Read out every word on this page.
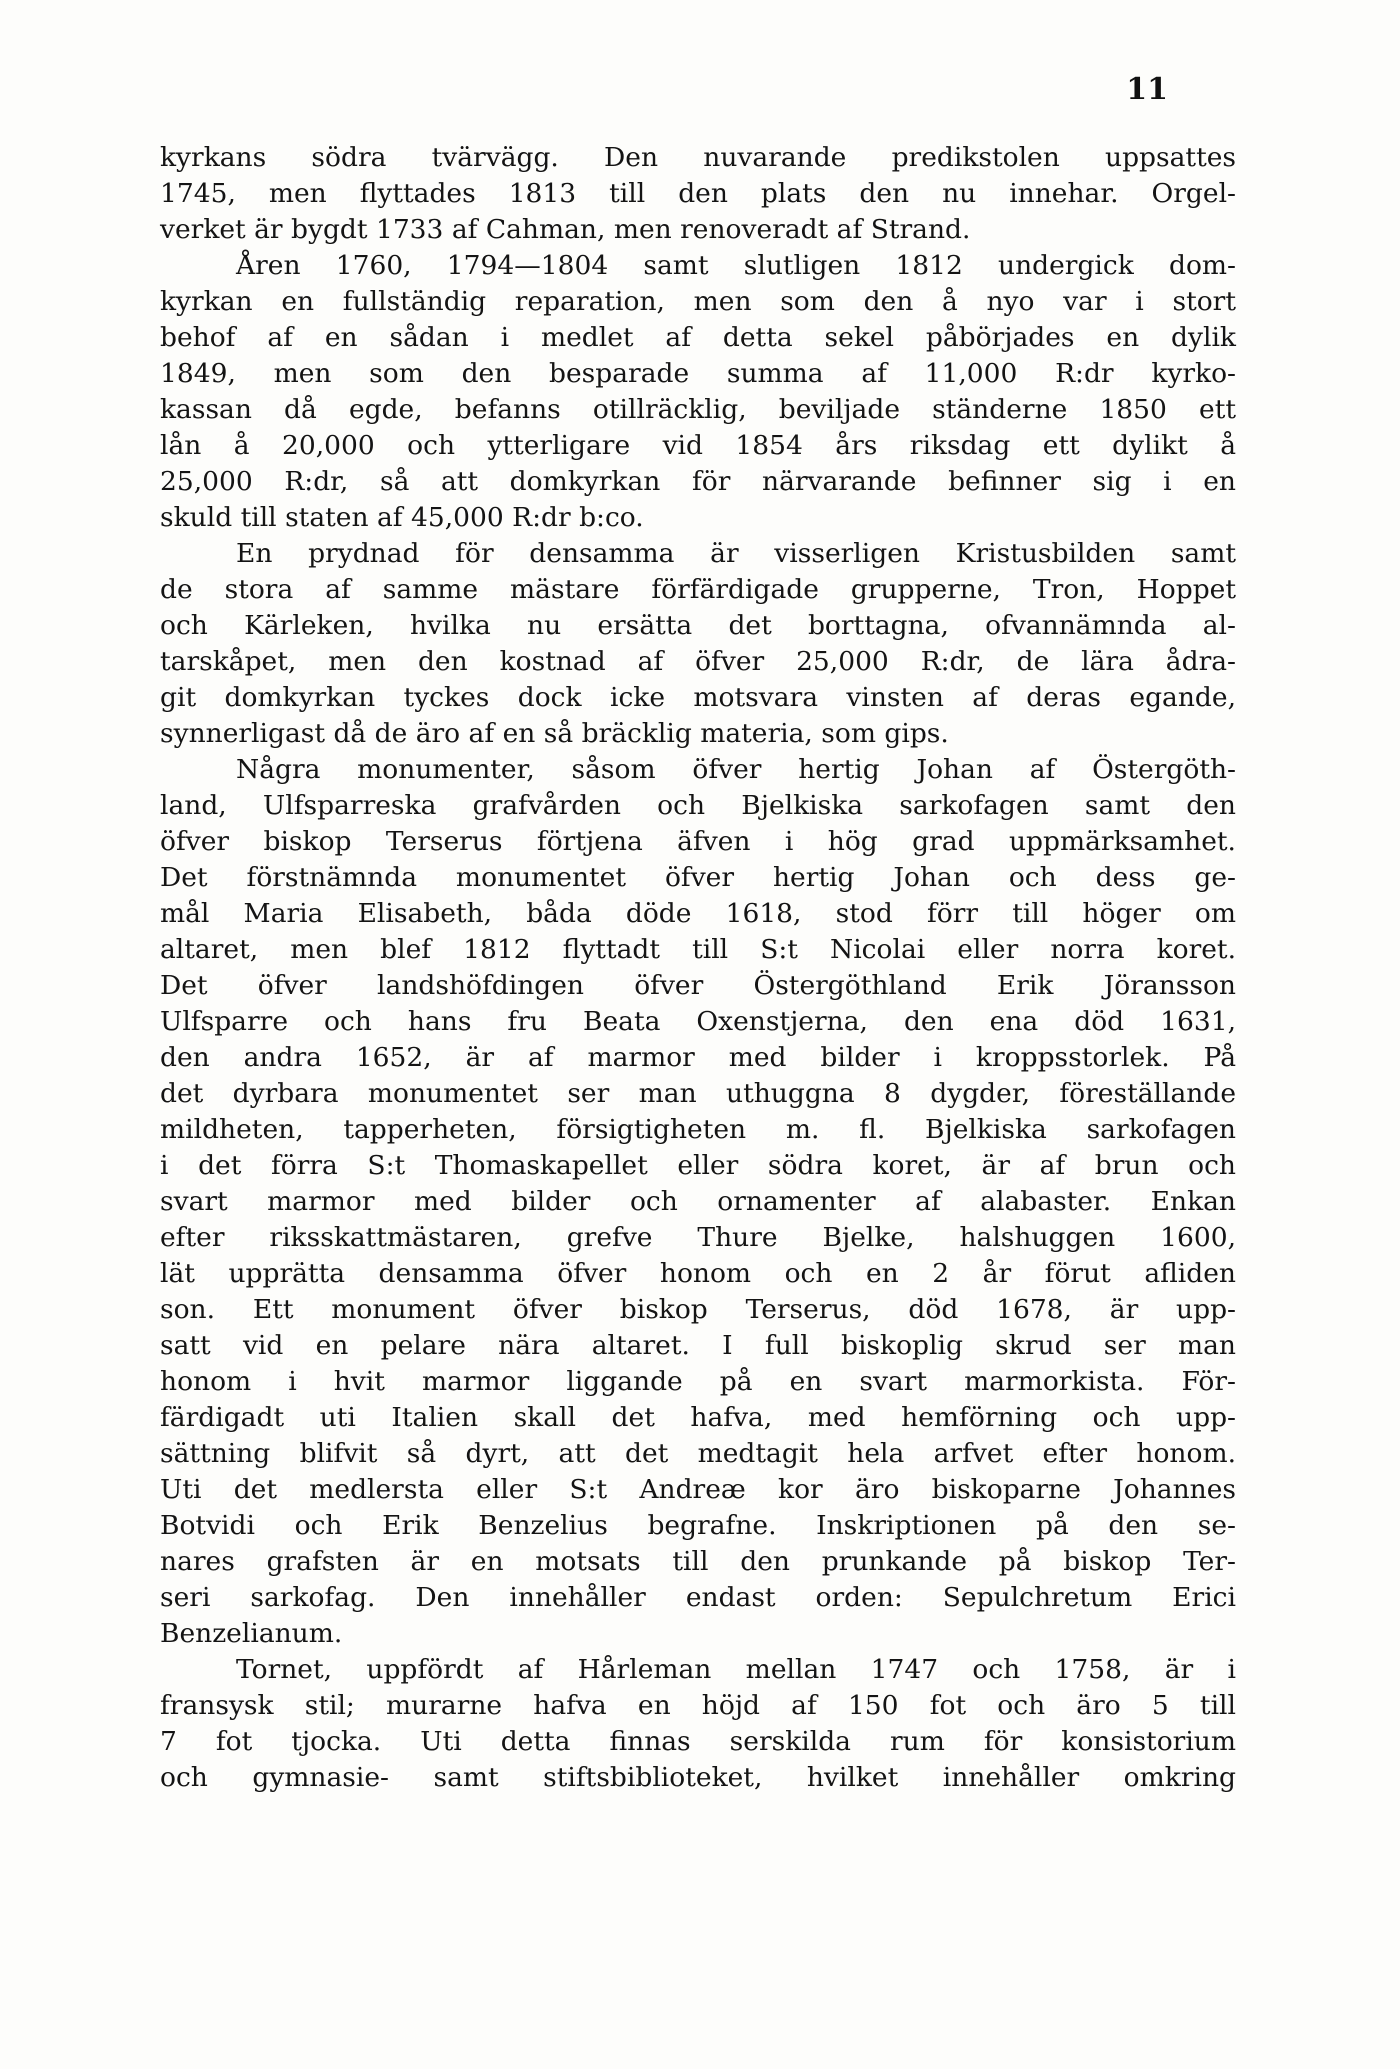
11
kyrkans södra tvärvägg. Den nuvarande predikstolen uppsattes
1745, men flyttades 1813 till den plats den nu innehar. Orgel-
verket är bygdt 1733 af Cahman, men renoveradt af Strand.
Åren 1760, 1794—1804 samt slutligen 1812 undergick dom-
kyrkan en fullständig reparation, men som den å nyo var i stort
behof af en sådan i medlet af detta sekel påbörjades en dylik
1849, men som den besparade summa af 11,000 R:dr kyrko-
kassan då egde, befanns otillräcklig, beviljade ständerne 1850 ett
lån å 20,000 och ytterligare vid 1854 års riksdag ett dylikt å
25,000 R:dr, så att domkyrkan för närvarande befinner sig i en
skuld till staten af 45,000 R:dr b:co.
En prydnad för densamma är visserligen Kristusbilden samt
de stora af samme mästare förfärdigade grupperne, Tron, Hoppet
och Kärleken, hvilka nu ersätta det borttagna, ofvannämnda al-
tarskåpet, men den kostnad af öfver 25,000 R:dr, de lära ådra-
git domkyrkan tyckes dock icke motsvara vinsten af deras egande,
synnerligast då de äro af en så bräcklig materia, som gips.
Några monumenter, såsom öfver hertig Johan af Östergöth-
land, Ulfsparreska grafvården och Bjelkiska sarkofagen samt den
öfver biskop Terserus förtjena äfven i hög grad uppmärksamhet.
Det förstnämnda monumentet öfver hertig Johan och dess ge-
mål Maria Elisabeth, båda döde 1618, stod förr till höger om
altaret, men blef 1812 flyttadt till S:t Nicolai eller norra koret.
Det öfver landshöfdingen öfver Östergöthland Erik Jöransson
Ulfsparre och hans fru Beata Oxenstjerna, den ena död 1631,
den andra 1652, är af marmor med bilder i kroppsstorlek. På
det dyrbara monumentet ser man uthuggna 8 dygder, föreställande
mildheten, tapperheten, försigtigheten m. fl. Bjelkiska sarkofagen
i det förra S:t Thomaskapellet eller södra koret, är af brun och
svart marmor med bilder och ornamenter af alabaster. Enkan
efter riksskattmästaren, grefve Thure Bjelke, halshuggen 1600,
lät upprätta densamma öfver honom och en 2 år förut afliden
son. Ett monument öfver biskop Terserus, död 1678, är upp-
satt vid en pelare nära altaret. I full biskoplig skrud ser man
honom i hvit marmor liggande på en svart marmorkista. För-
färdigadt uti Italien skall det hafva, med hemförning och upp-
sättning blifvit så dyrt, att det medtagit hela arfvet efter honom.
Uti det medlersta eller S:t Andreæ kor äro biskoparne Johannes
Botvidi och Erik Benzelius begrafne. Inskriptionen på den se-
nares grafsten är en motsats till den prunkande på biskop Ter-
seri sarkofag. Den innehåller endast orden: Sepulchretum Erici
Benzelianum.
Tornet, uppfördt af Hårleman mellan 1747 och 1758, är i
fransysk stil; murarne hafva en höjd af 150 fot och äro 5 till
7 fot tjocka. Uti detta finnas serskilda rum för konsistorium
och gymnasie- samt stiftsbiblioteket, hvilket innehåller omkring
